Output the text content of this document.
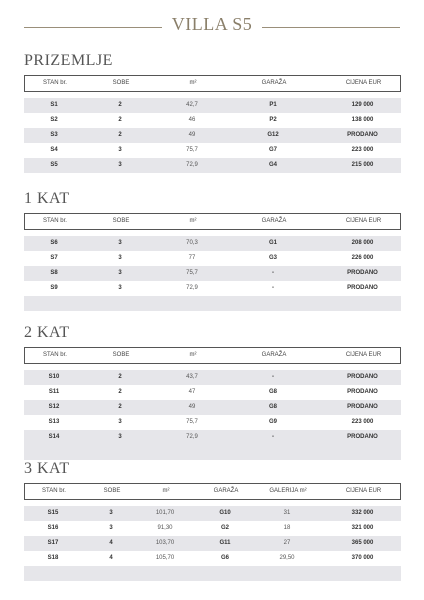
VILLA S5
PRIZEMLJE
STAN br.	SOBE	m²	GARAŽA	CIJENA EUR
S1	2	42,7	P1	129 000
S2	2	46	P2	138 000
S3	2	49	G12	PRODANO
S4	3	75,7	G7	223 000
S5	3	72,9	G4	215 000
1 KAT
STAN br.	SOBE	m²	GARAŽA	CIJENA EUR
S6	3	70,3	G1	208 000
S7	3	77	G3	226 000
S8	3	75,7	-	PRODANO
S9	3	72,9	-	PRODANO
2 KAT
STAN br.	SOBE	m²	GARAŽA	CIJENA EUR
S10	2	43,7	-	PRODANO
S11	2	47	G8	PRODANO
S12	2	49	G8	PRODANO
S13	3	75,7	G9	223 000
S14	3	72,9	-	PRODANO
3 KAT
STAN br.	SOBE	m²	GARAŽA	GALERIJA m²	CIJENA EUR
S15	3	101,70	G10	31	332 000
S16	3	91,30	G2	18	321 000
S17	4	103,70	G11	27	365 000
S18	4	105,70	G6	29,50	370 000
